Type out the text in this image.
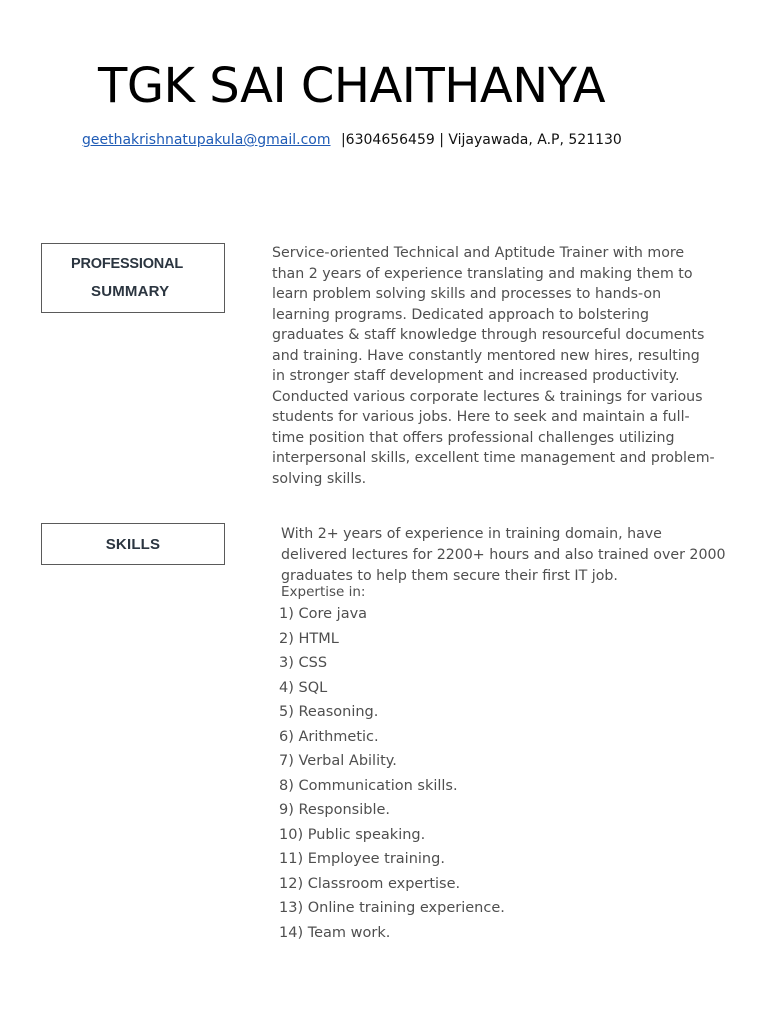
TGK SAI CHAITHANYA
geethakrishnatupakula@gmail.com |6304656459 | Vijayawada, A.P, 521130
PROFESSIONAL
SUMMARY

Service-oriented Technical and Aptitude Trainer with more than 2 years of experience translating and making them to learn problem solving skills and processes to hands-on learning programs. Dedicated approach to bolstering graduates & staff knowledge through resourceful documents and training. Have constantly mentored new hires, resulting in stronger staff development and increased productivity. Conducted various corporate lectures & trainings for various students for various jobs. Here to seek and maintain a full-time position that offers professional challenges utilizing interpersonal skills, excellent time management and problem-solving skills.

SKILLS

With 2+ years of experience in training domain, have delivered lectures for 2200+ hours and also trained over 2000 graduates to help them secure their first IT job.

Expertise in:
1) Core java
2) HTML
3) CSS
4) SQL
5) Reasoning.
6) Arithmetic.
7) Verbal Ability.
8) Communication skills.
9) Responsible.
10) Public speaking.
11) Employee training.
12) Classroom expertise.
13) Online training experience.
14) Team work.
